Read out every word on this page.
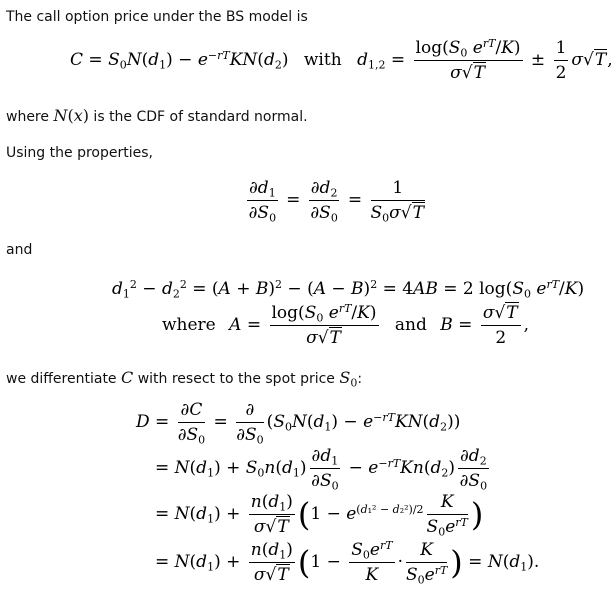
The call option price under the BS model is
$C = S_0N(d_1) - e^{-rT}KN(d_2)$ with $d_{1,2} = \frac{\log(S_0 e^{rT}/K)}{\sigma√T} \pm \frac{1}{2} \sigma√T$,
where N(x) is the CDF of standard normal.
Using the properties,
$\frac{\partial d_1}{\partial S_0} = \frac{\partial d_2}{\partial S_0} = \frac{1}{S_0\sigma√T}$
and
$d_1^2 - d_2^2 = (A + B)^2 - (A - B)^2 = 4AB = 2$ $\log(S_0$ $e^{rT}/K$)
where $A = \frac{\log(S_0 e^{rT}/K)}{\sigma√T}$ and $B = \frac{\sigma√T}{2}$ ,
we differentiate C with resect to the spot price $S_0$:
$D = \frac{\partial C}{\partial S_0} = \frac{\partial}{\partial S_0} (S_0N(d_1) - e^{-rT}KN(d_2))$
= $N(d_1) + S_0n(d_1) \frac{\partial d_1}{\partial S_0} - e^{-rT}Kn(d_2) \frac{\partial d_2}{\partial S_0}$
= $N(d_1) + \frac{n(d_1)}{\sigma√T} (1 - e^{(d_1^2 - d_2^2)/2} \frac{K}{S_0e^{rT}}$ )
= $N(d_1) + \frac{n(d_1)}{\sigma√T} (1 - \frac{S_0e^{rT}}{K} \cdot \frac{K}{S_0e^{rT}}$ ) = $N(d_1)$.
